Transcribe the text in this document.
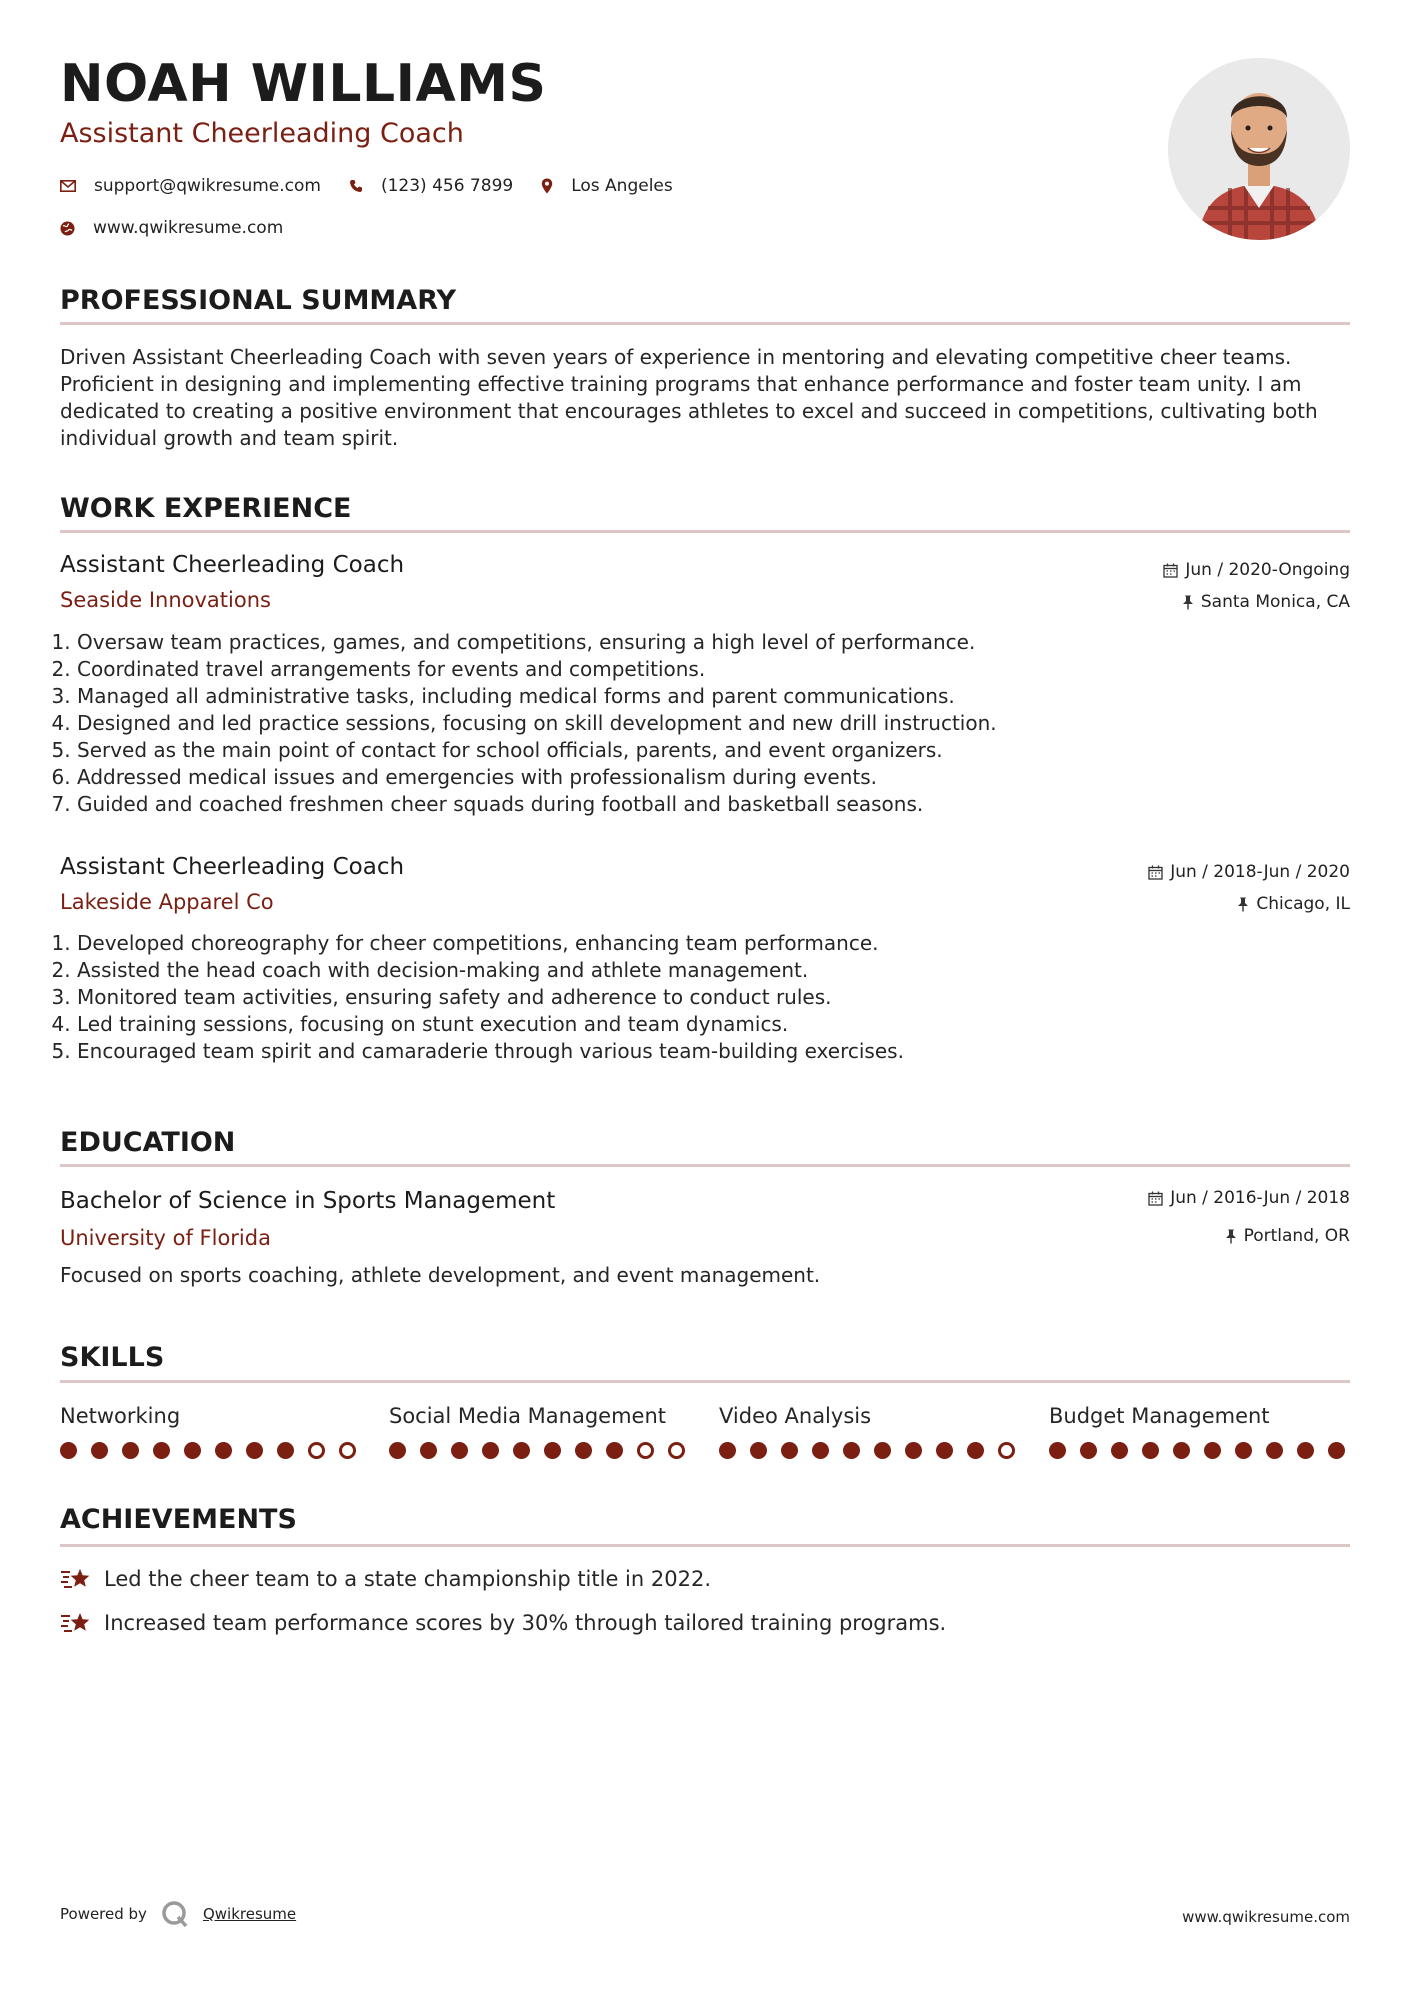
NOAH WILLIAMS
Assistant Cheerleading Coach
support@qwikresume.com	(123) 456 7899	Los Angeles
www.qwikresume.com
PROFESSIONAL SUMMARY
Driven Assistant Cheerleading Coach with seven years of experience in mentoring and elevating competitive cheer teams. Proficient in designing and implementing effective training programs that enhance performance and foster team unity. I am dedicated to creating a positive environment that encourages athletes to excel and succeed in competitions, cultivating both individual growth and team spirit.
WORK EXPERIENCE
Assistant Cheerleading Coach	Jun / 2020-Ongoing
Seaside Innovations	Santa Monica, CA
1. Oversaw team practices, games, and competitions, ensuring a high level of performance.
2. Coordinated travel arrangements for events and competitions.
3. Managed all administrative tasks, including medical forms and parent communications.
4. Designed and led practice sessions, focusing on skill development and new drill instruction.
5. Served as the main point of contact for school officials, parents, and event organizers.
6. Addressed medical issues and emergencies with professionalism during events.
7. Guided and coached freshmen cheer squads during football and basketball seasons.
Assistant Cheerleading Coach	Jun / 2018-Jun / 2020
Lakeside Apparel Co	Chicago, IL
1. Developed choreography for cheer competitions, enhancing team performance.
2. Assisted the head coach with decision-making and athlete management.
3. Monitored team activities, ensuring safety and adherence to conduct rules.
4. Led training sessions, focusing on stunt execution and team dynamics.
5. Encouraged team spirit and camaraderie through various team-building exercises.
EDUCATION
Bachelor of Science in Sports Management	Jun / 2016-Jun / 2018
University of Florida	Portland, OR
Focused on sports coaching, athlete development, and event management.
SKILLS
Networking	Social Media Management	Video Analysis	Budget Management
ACHIEVEMENTS
Led the cheer team to a state championship title in 2022.
Increased team performance scores by 30% through tailored training programs.
Powered by	Qwikresume	www.qwikresume.com
